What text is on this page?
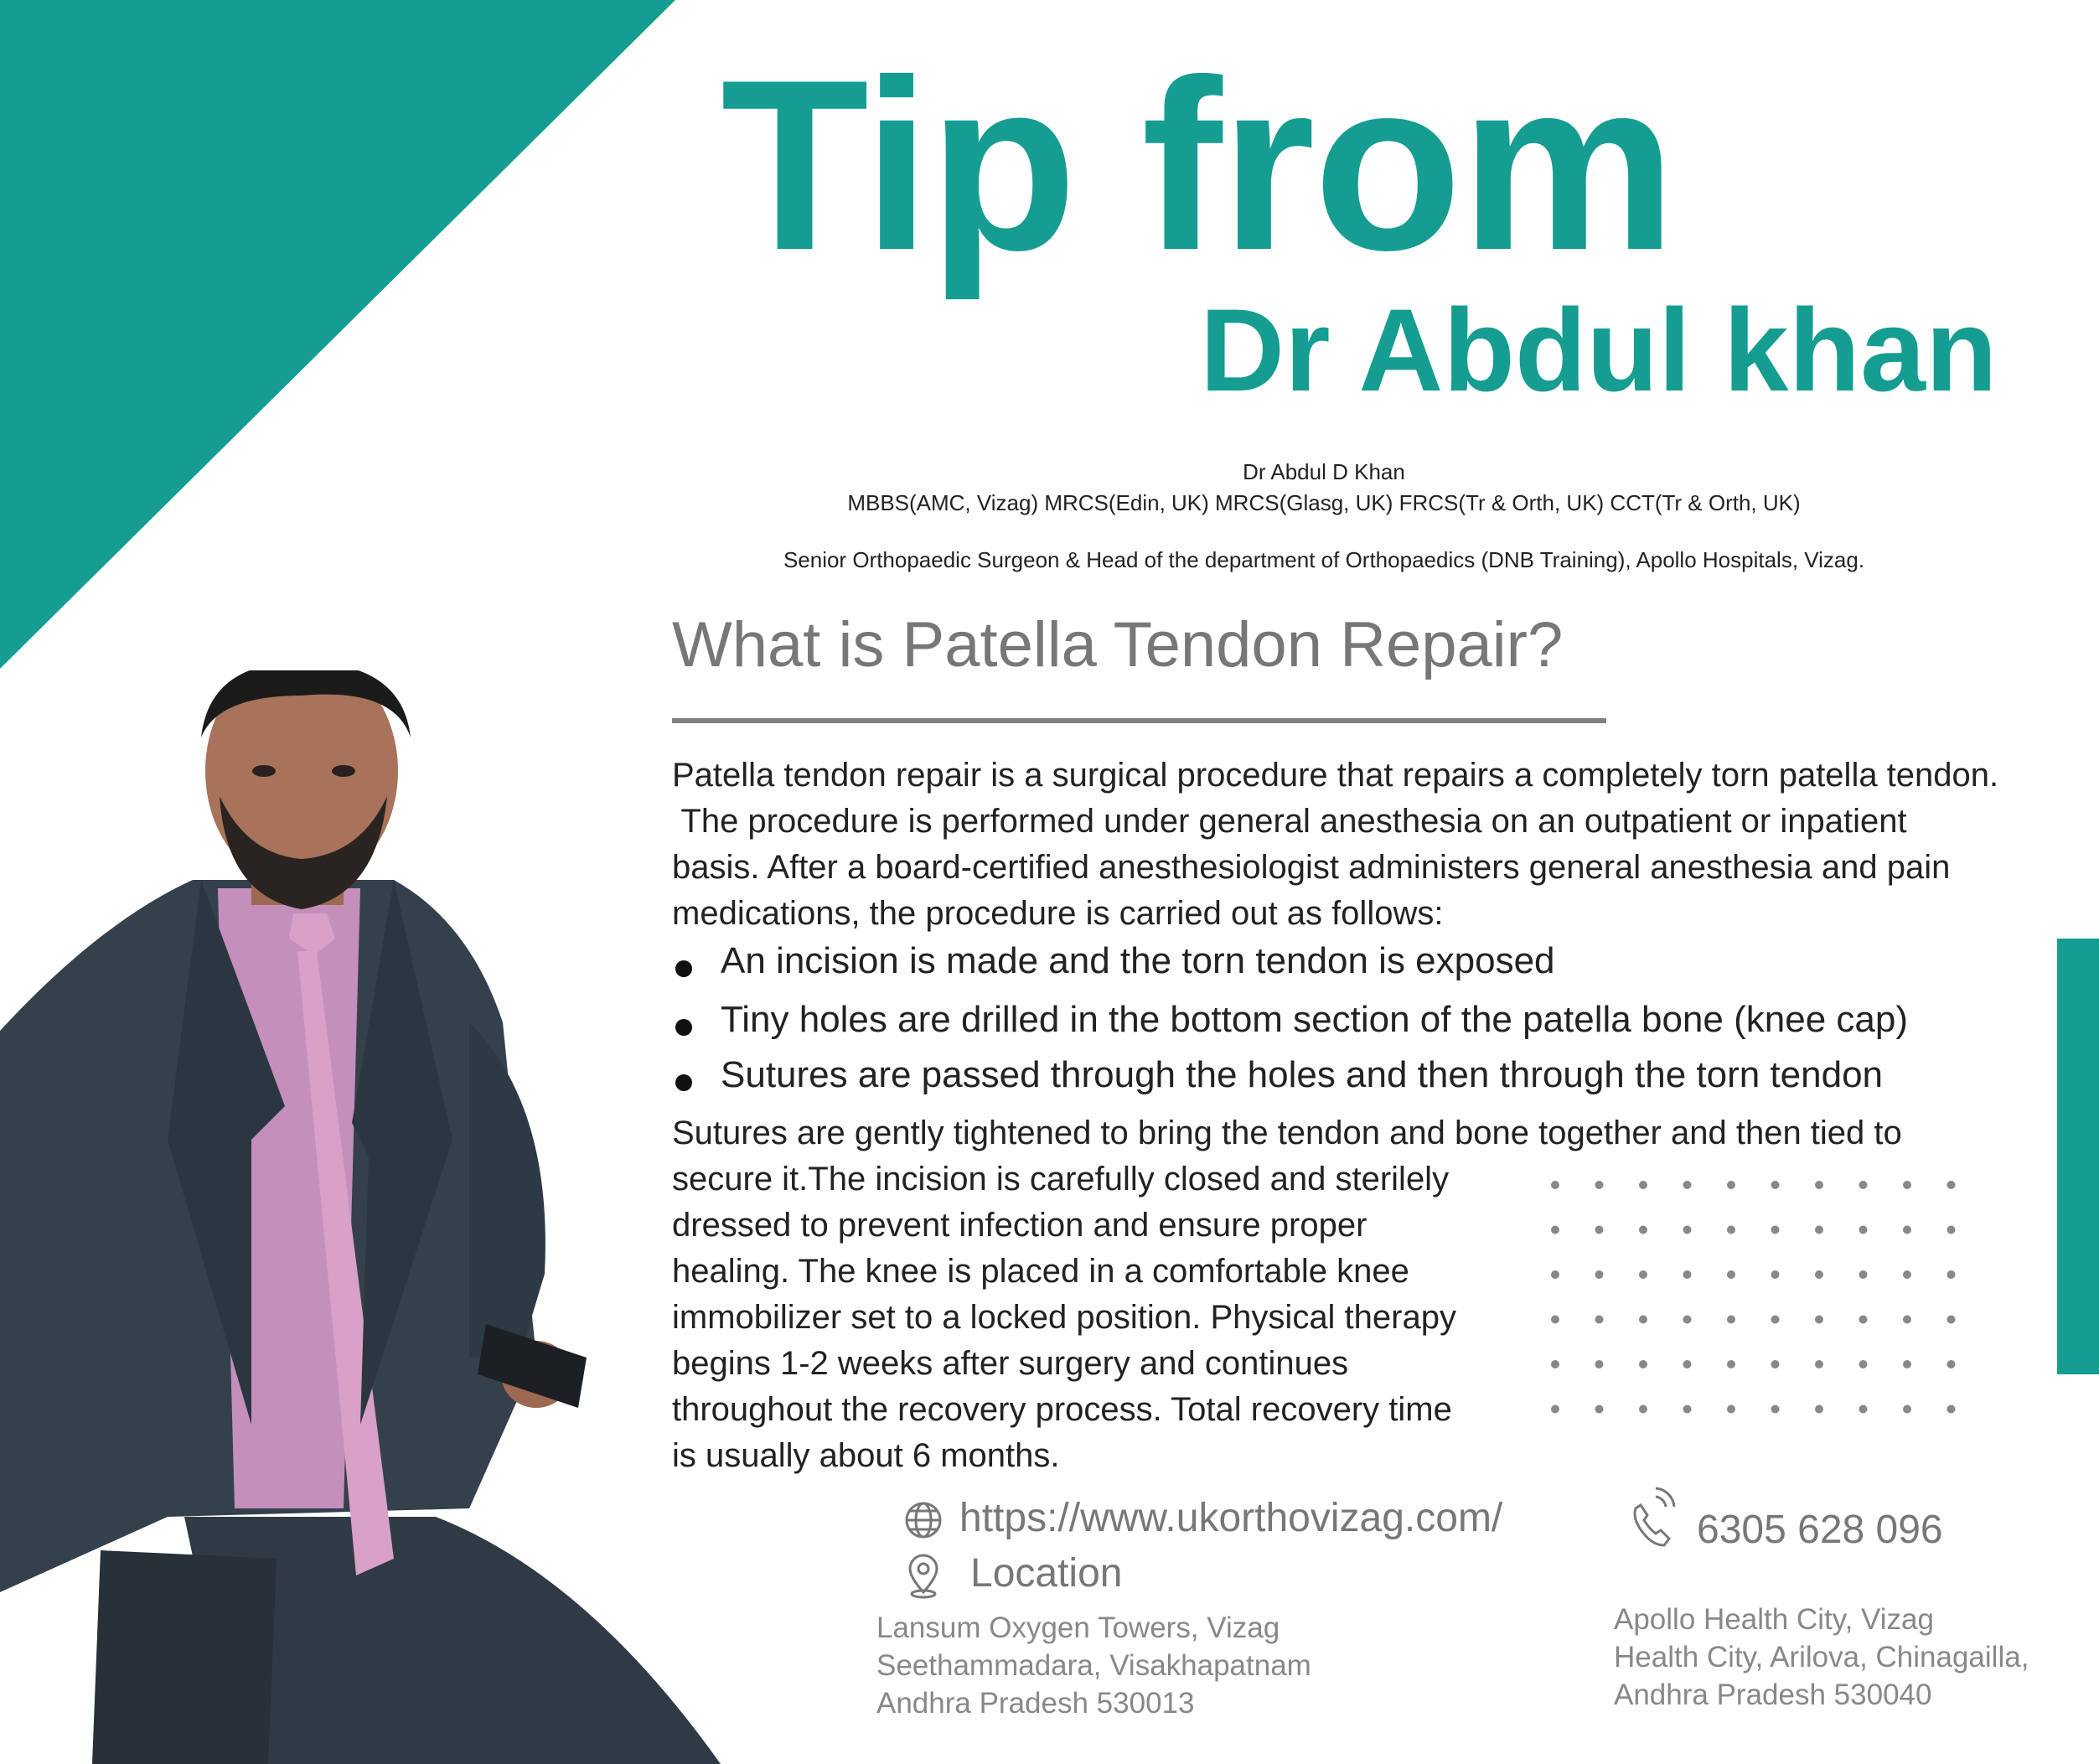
Tip from
Dr Abdul khan
Dr Abdul D Khan
MBBS(AMC, Vizag) MRCS(Edin, UK) MRCS(Glasg, UK) FRCS(Tr & Orth, UK) CCT(Tr & Orth, UK)
Senior Orthopaedic Surgeon & Head of the department of Orthopaedics (DNB Training), Apollo Hospitals, Vizag.
What is Patella Tendon Repair?
Patella tendon repair is a surgical procedure that repairs a completely torn patella tendon.
The procedure is performed under general anesthesia on an outpatient or inpatient
basis. After a board-certified anesthesiologist administers general anesthesia and pain
medications, the procedure is carried out as follows:
An incision is made and the torn tendon is exposed
Tiny holes are drilled in the bottom section of the patella bone (knee cap)
Sutures are passed through the holes and then through the torn tendon
Sutures are gently tightened to bring the tendon and bone together and then tied to
secure it.The incision is carefully closed and sterilely
dressed to prevent infection and ensure proper
healing. The knee is placed in a comfortable knee
immobilizer set to a locked position. Physical therapy
begins 1-2 weeks after surgery and continues
throughout the recovery process. Total recovery time
is usually about 6 months.
https://www.ukorthovizag.com/
Location
Lansum Oxygen Towers, Vizag
Seethammadara, Visakhapatnam
Andhra Pradesh 530013
6305 628 096
Apollo Health City, Vizag
Health City, Arilova, Chinagailla,
Andhra Pradesh 530040
